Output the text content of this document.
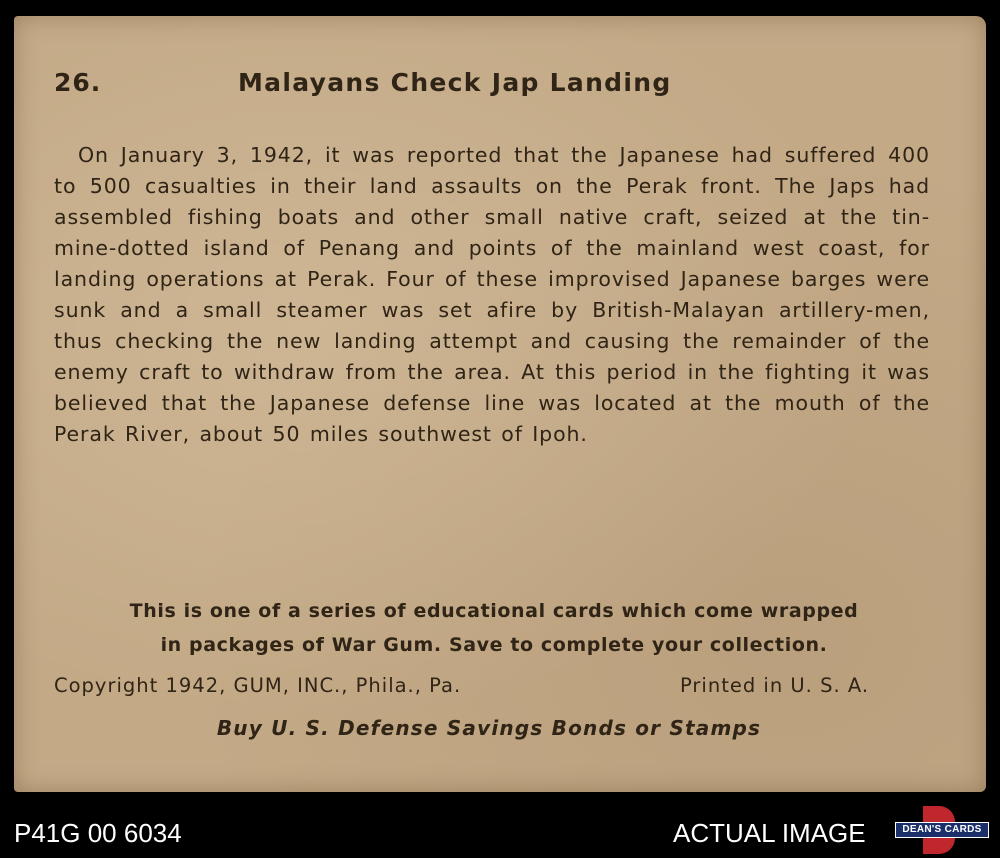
26.	Malayans Check Jap Landing

On January 3, 1942, it was reported that the Japanese had suffered 400 to 500 casualties in their land assaults on the Perak front. The Japs had assembled fishing boats and other small native craft, seized at the tin-mine-dotted island of Penang and points of the mainland west coast, for landing operations at Perak. Four of these improvised Japanese barges were sunk and a small steamer was set afire by British-Malayan artillery-men, thus checking the new landing attempt and causing the remainder of the enemy craft to withdraw from the area. At this period in the fighting it was believed that the Japanese defense line was located at the mouth of the Perak River, about 50 miles southwest of Ipoh.

This is one of a series of educational cards which come wrapped
in packages of War Gum. Save to complete your collection.

Copyright 1942, GUM, INC., Phila., Pa.	Printed in U. S. A.
Buy U. S. Defense Savings Bonds or Stamps
P41G 00 6034	ACTUAL IMAGE	DEAN'S CARDS
